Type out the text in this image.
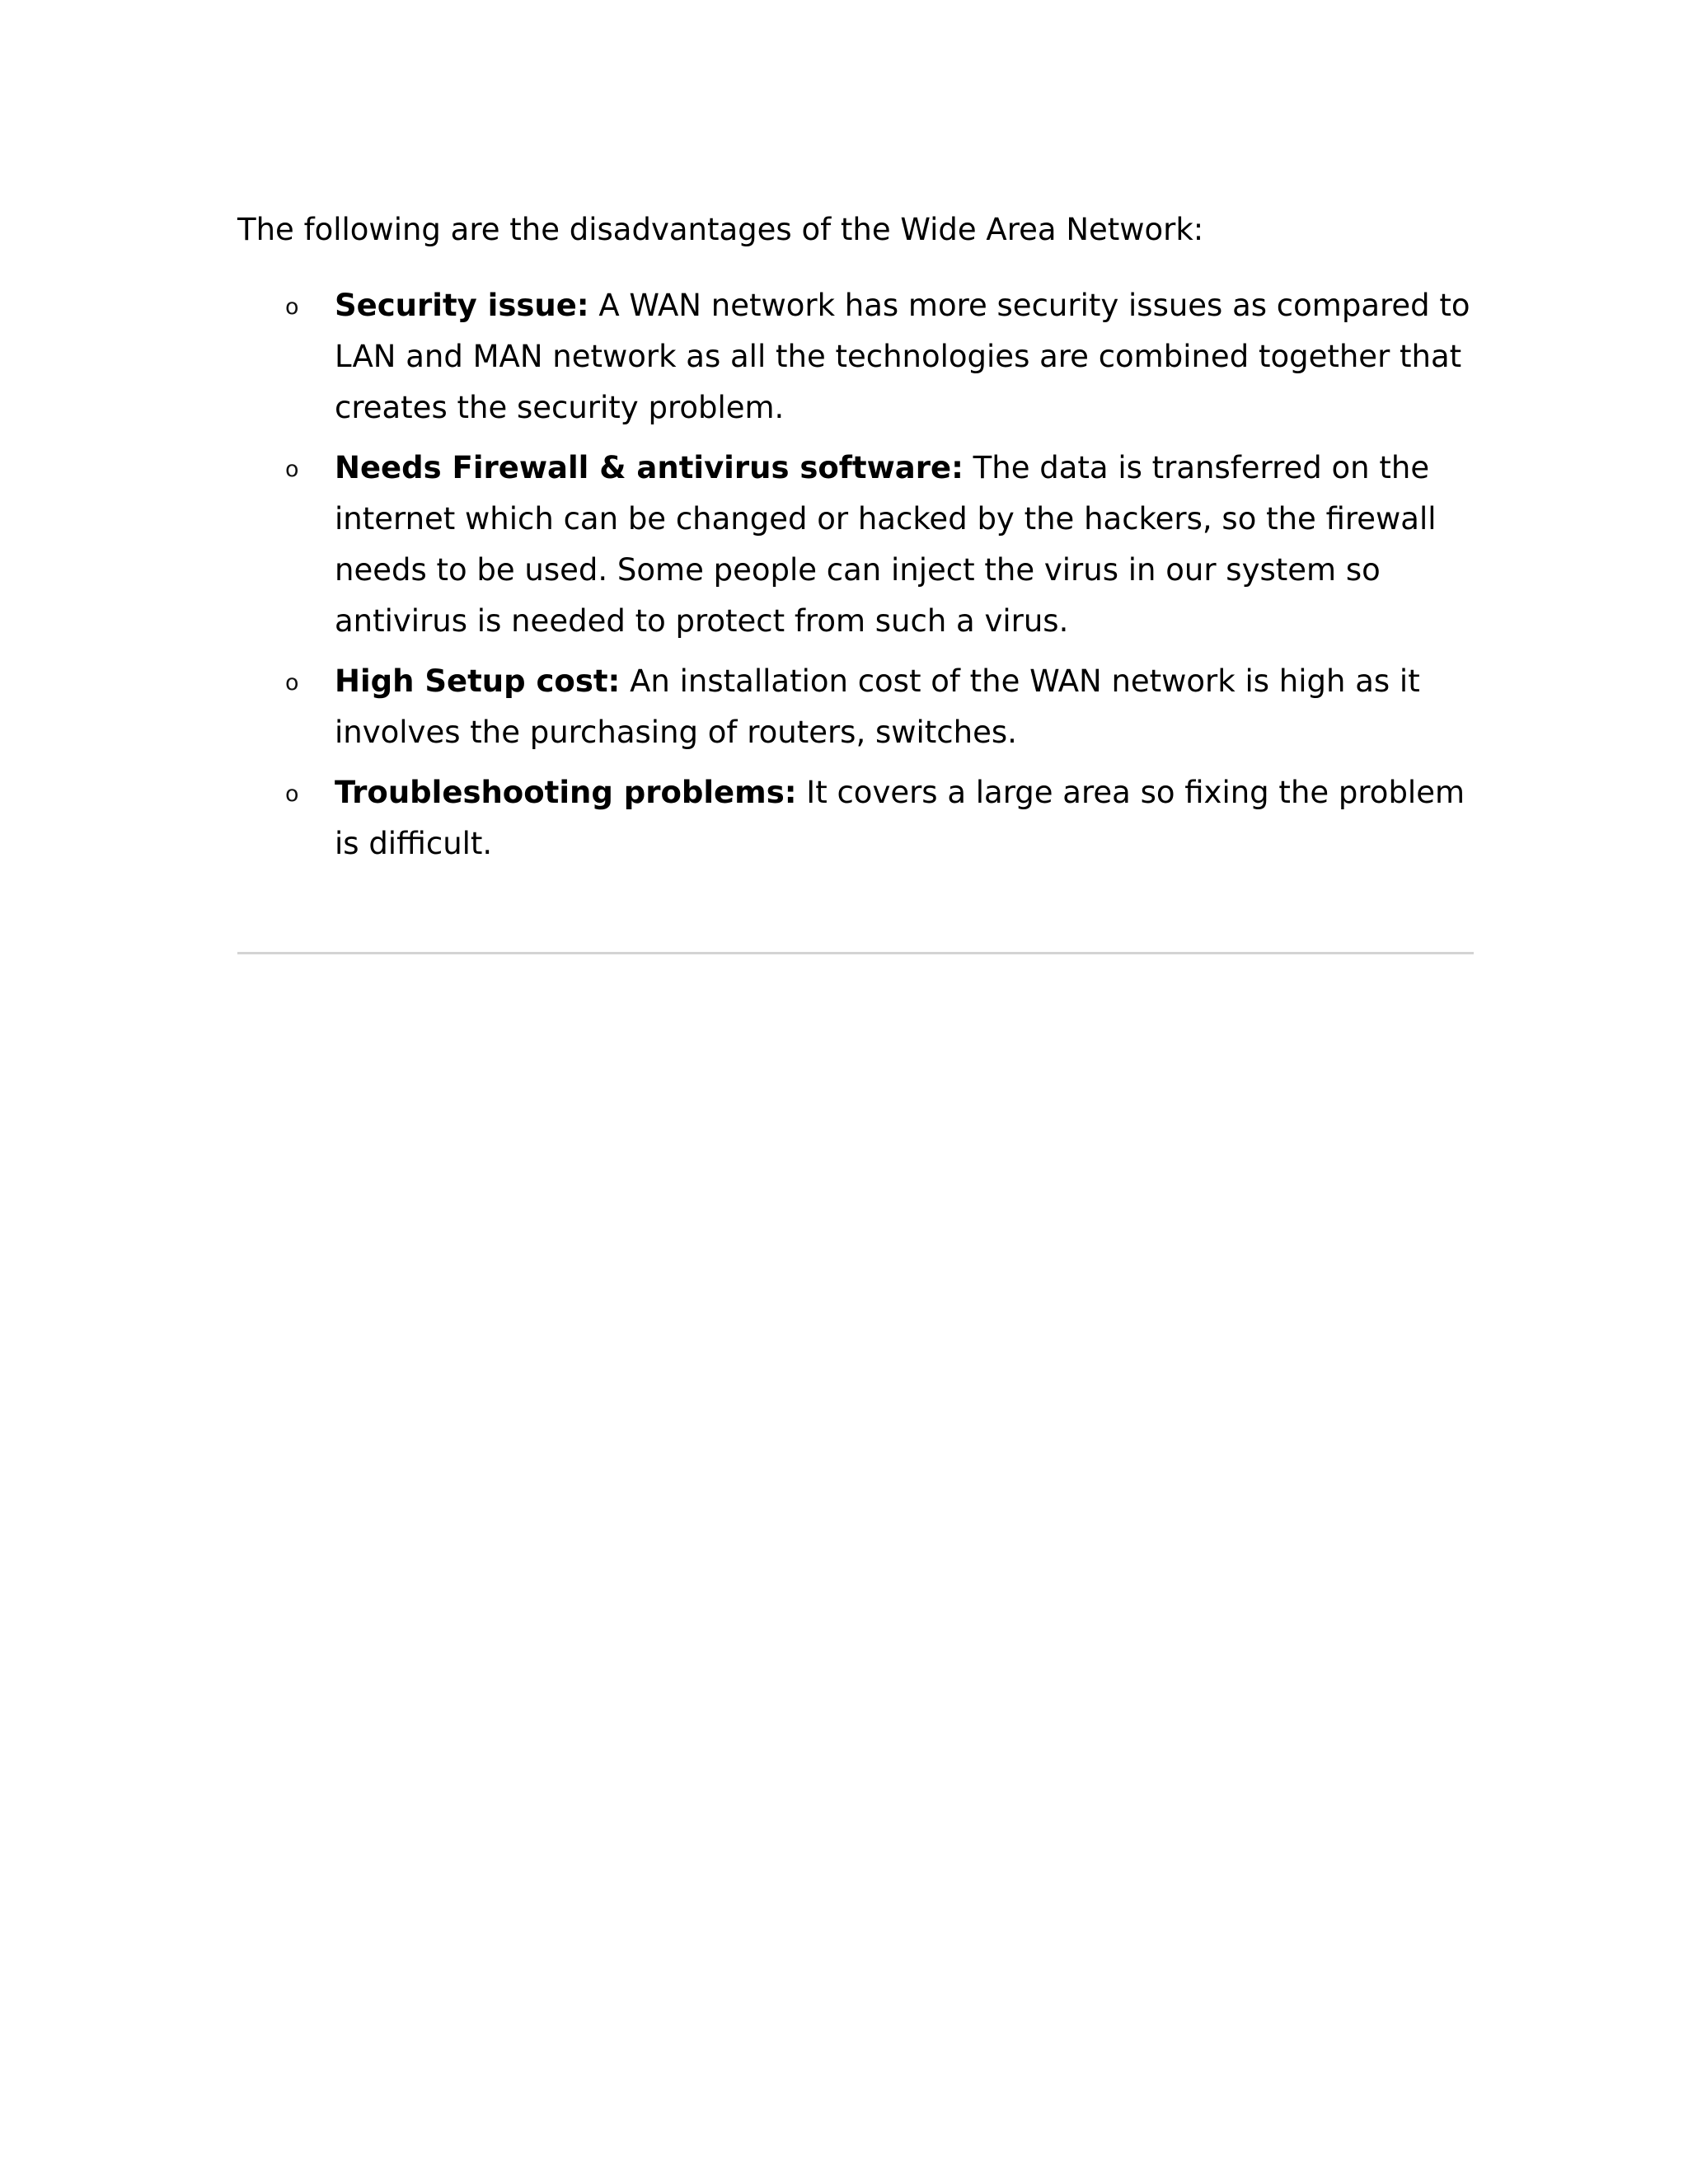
The following are the disadvantages of the Wide Area Network:

o Security issue: A WAN network has more security issues as compared to LAN and MAN network as all the technologies are combined together that creates the security problem.
o Needs Firewall & antivirus software: The data is transferred on the internet which can be changed or hacked by the hackers, so the firewall needs to be used. Some people can inject the virus in our system so antivirus is needed to protect from such a virus.
o High Setup cost: An installation cost of the WAN network is high as it involves the purchasing of routers, switches.
o Troubleshooting problems: It covers a large area so fixing the problem is difficult.
